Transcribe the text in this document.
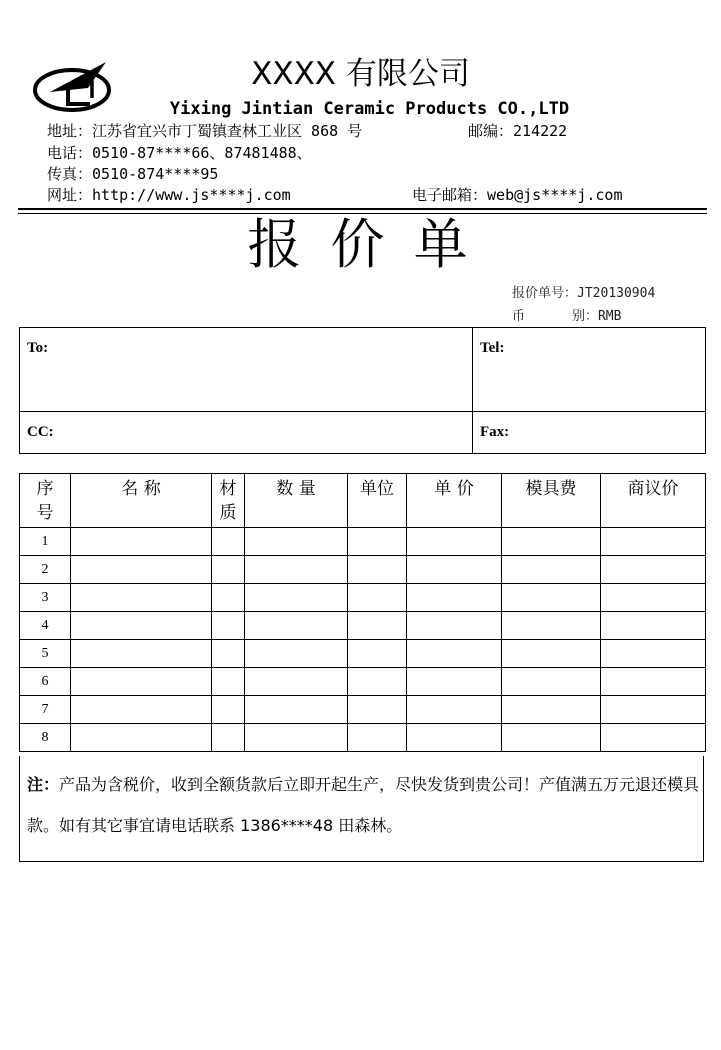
XXXX 有限公司
Yixing Jintian Ceramic Products CO.,LTD
地址：江苏省宜兴市丁蜀镇查林工业区 868 号	邮编：214222
电话：0510-87****66、87481488、
传真：0510-874****95
网址：http://www.js****j.com	电子邮箱：web@js****j.com
报 价 单
报价单号：JT20130904
币      别：RMB
To:	Tel:
CC:	Fax:
序号	名 称	材质	数 量	单位	单 价	模具费	商议价
1							
2							
3							
4							
5							
6							
7							
8							
注：产品为含税价，收到全额货款后立即开起生产，尽快发货到贵公司！产值满五万元退还模具款。如有其它事宜请电话联系 1386****48 田森林。
